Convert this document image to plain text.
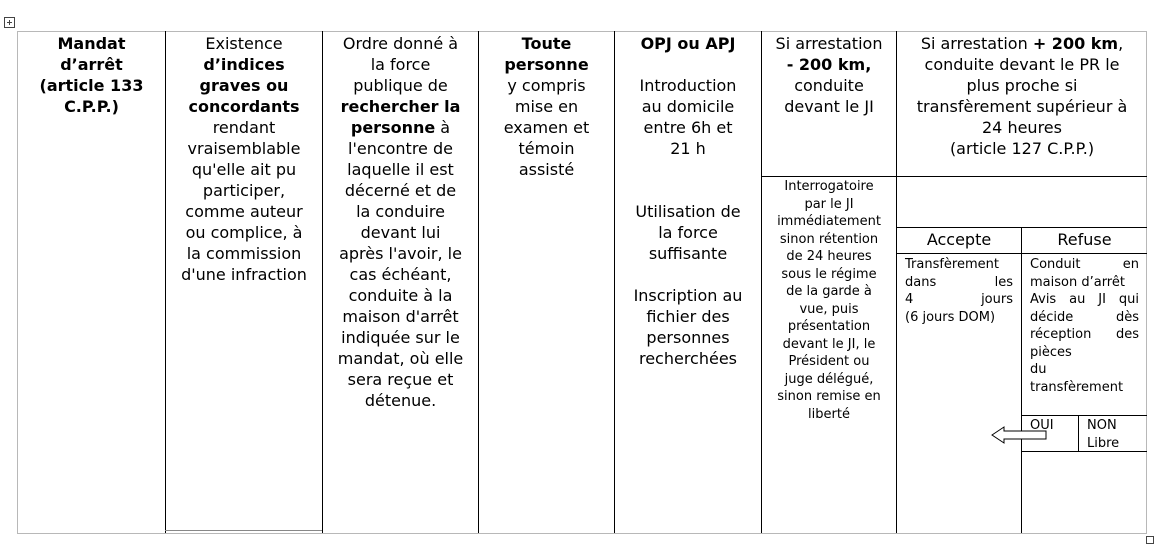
Mandat

d’arrêt

(article 133

C.P.P.)

Existence

d’indices

graves ou

concordants

rendant

vraisemblable

qu'elle ait pu

participer,

comme auteur

ou complice, à

la commission

d'une infraction

Ordre donné à

la force

publique de

rechercher la

personne à

l'encontre de

laquelle il est

décerné et de

la conduire

devant lui

après l'avoir, le

cas échéant,

conduite à la

maison d'arrêt

indiquée sur le

mandat, où elle

sera reçue et

détenue.

Toute

personne

y compris

mise en

examen et

témoin

assisté

OPJ ou APJ

Introduction

au domicile

entre 6h et

21 h

Utilisation de

la force

suffisante

Inscription au

fichier des

personnes

recherchées

Si arrestation

- 200 km,

conduite

devant le JI

Interrogatoire
par le JI
immédiatement
sinon rétention
de 24 heures
sous le régime
de la garde à
vue, puis
présentation
devant le JI, le
Président ou
juge délégué,
sinon remise en
liberté

Si arrestation + 200 km,

conduite devant le PR le

plus proche si

transfèrement supérieur à

24 heures

(article 127 C.P.P.)

Accepte	Refuse
Transfèrement
dans les
4 jours
(6 jours DOM)
Conduit en
maison d’arrêt
Avis au JI qui
décide dès
réception des
pièces
du
transfèrement
OUI	NON
Libre
